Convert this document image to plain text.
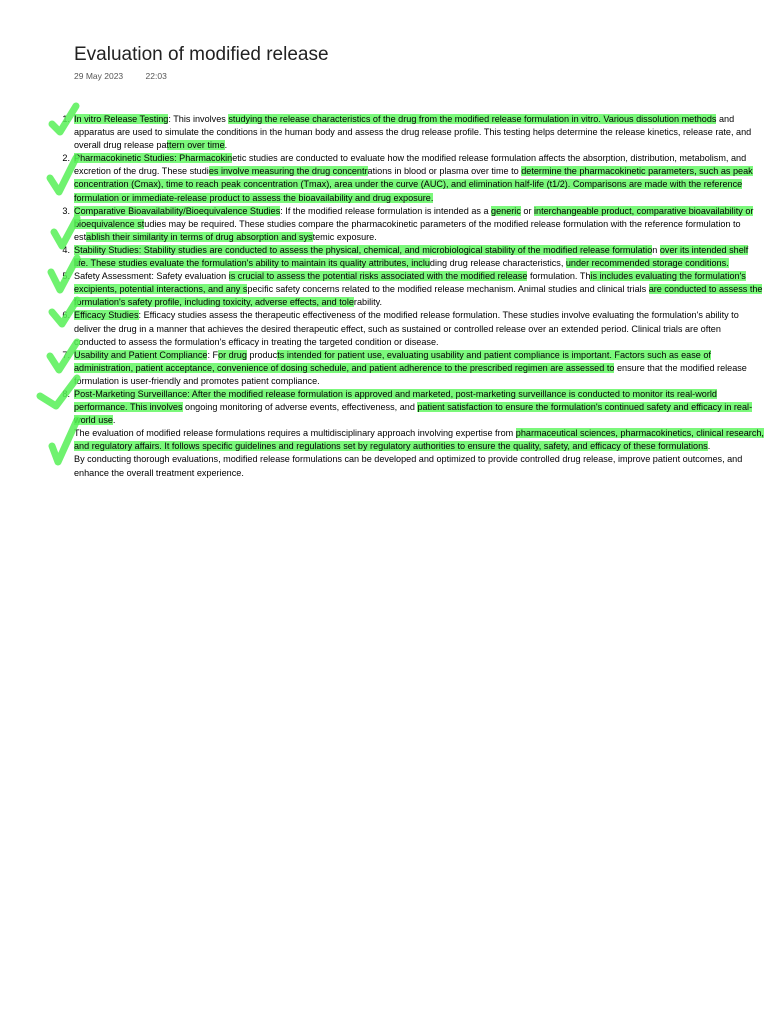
Evaluation of modified release
29 May 2023	22:03
In vitro Release Testing: This involves studying the release characteristics of the drug from the modified release formulation in vitro. Various dissolution methods and apparatus are used to simulate the conditions in the human body and assess the drug release profile. This testing helps determine the release kinetics, release rate, and overall drug release pattern over time.
Pharmacokinetic Studies: Pharmacokinetic studies are conducted to evaluate how the modified release formulation affects the absorption, distribution, metabolism, and excretion of the drug. These studies involve measuring the drug concentrations in blood or plasma over time to determine the pharmacokinetic parameters, such as peak concentration (Cmax), time to reach peak concentration (Tmax), area under the curve (AUC), and elimination half-life (t1/2). Comparisons are made with the reference formulation or immediate-release product to assess the bioavailability and drug exposure.
Comparative Bioavailability/Bioequivalence Studies: If the modified release formulation is intended as a generic or interchangeable product, comparative bioavailability or bioequivalence studies may be required. These studies compare the pharmacokinetic parameters of the modified release formulation with the reference formulation to establish their similarity in terms of drug absorption and systemic exposure.
Stability Studies: Stability studies are conducted to assess the physical, chemical, and microbiological stability of the modified release formulation over its intended shelf life. These studies evaluate the formulation's ability to maintain its quality attributes, including drug release characteristics, under recommended storage conditions.
Safety Assessment: Safety evaluation is crucial to assess the potential risks associated with the modified release formulation. This includes evaluating the formulation's excipients, potential interactions, and any specific safety concerns related to the modified release mechanism. Animal studies and clinical trials are conducted to assess the formulation's safety profile, including toxicity, adverse effects, and tolerability.
Efficacy Studies: Efficacy studies assess the therapeutic effectiveness of the modified release formulation. These studies involve evaluating the formulation's ability to deliver the drug in a manner that achieves the desired therapeutic effect, such as sustained or controlled release over an extended period. Clinical trials are often conducted to assess the formulation's efficacy in treating the targeted condition or disease.
Usability and Patient Compliance: For drug products intended for patient use, evaluating usability and patient compliance is important. Factors such as ease of administration, patient acceptance, convenience of dosing schedule, and patient adherence to the prescribed regimen are assessed to ensure that the modified release formulation is user-friendly and promotes patient compliance.
Post-Marketing Surveillance: After the modified release formulation is approved and marketed, post-marketing surveillance is conducted to monitor its real-world performance. This involves ongoing monitoring of adverse events, effectiveness, and patient satisfaction to ensure the formulation's continued safety and efficacy in real-world use.

The evaluation of modified release formulations requires a multidisciplinary approach involving expertise from pharmaceutical sciences, pharmacokinetics, clinical research, and regulatory affairs. It follows specific guidelines and regulations set by regulatory authorities to ensure the quality, safety, and efficacy of these formulations.

By conducting thorough evaluations, modified release formulations can be developed and optimized to provide controlled drug release, improve patient outcomes, and enhance the overall treatment experience.
